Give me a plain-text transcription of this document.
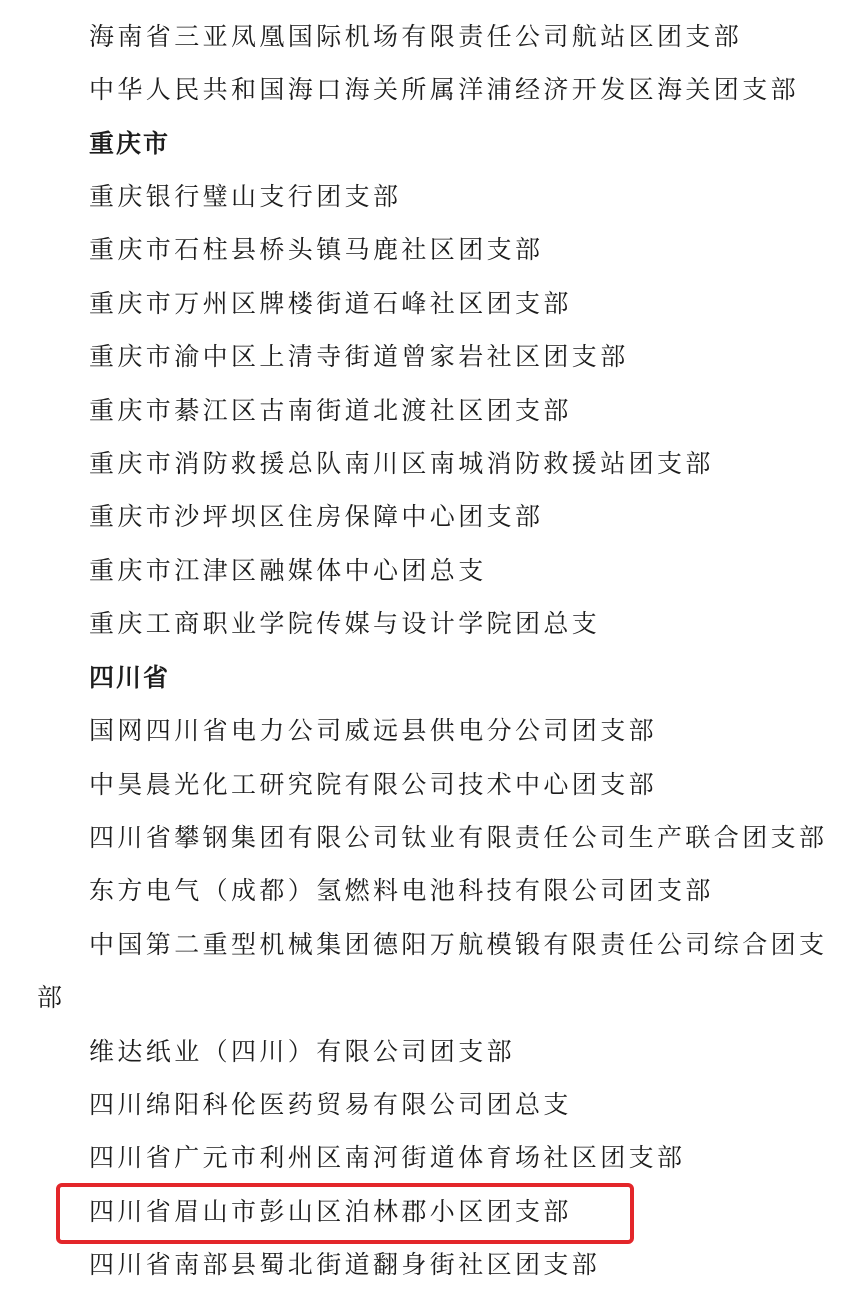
海南省三亚凤凰国际机场有限责任公司航站区团支部
中华人民共和国海口海关所属洋浦经济开发区海关团支部
重庆市
重庆银行璧山支行团支部
重庆市石柱县桥头镇马鹿社区团支部
重庆市万州区牌楼街道石峰社区团支部
重庆市渝中区上清寺街道曾家岩社区团支部
重庆市綦江区古南街道北渡社区团支部
重庆市消防救援总队南川区南城消防救援站团支部
重庆市沙坪坝区住房保障中心团支部
重庆市江津区融媒体中心团总支
重庆工商职业学院传媒与设计学院团总支
四川省
国网四川省电力公司威远县供电分公司团支部
中昊晨光化工研究院有限公司技术中心团支部
四川省攀钢集团有限公司钛业有限责任公司生产联合团支部
东方电气（成都）氢燃料电池科技有限公司团支部
中国第二重型机械集团德阳万航模锻有限责任公司综合团支
部
维达纸业（四川）有限公司团支部
四川绵阳科伦医药贸易有限公司团总支
四川省广元市利州区南河街道体育场社区团支部
四川省眉山市彭山区泊林郡小区团支部
四川省南部县蜀北街道翻身街社区团支部
